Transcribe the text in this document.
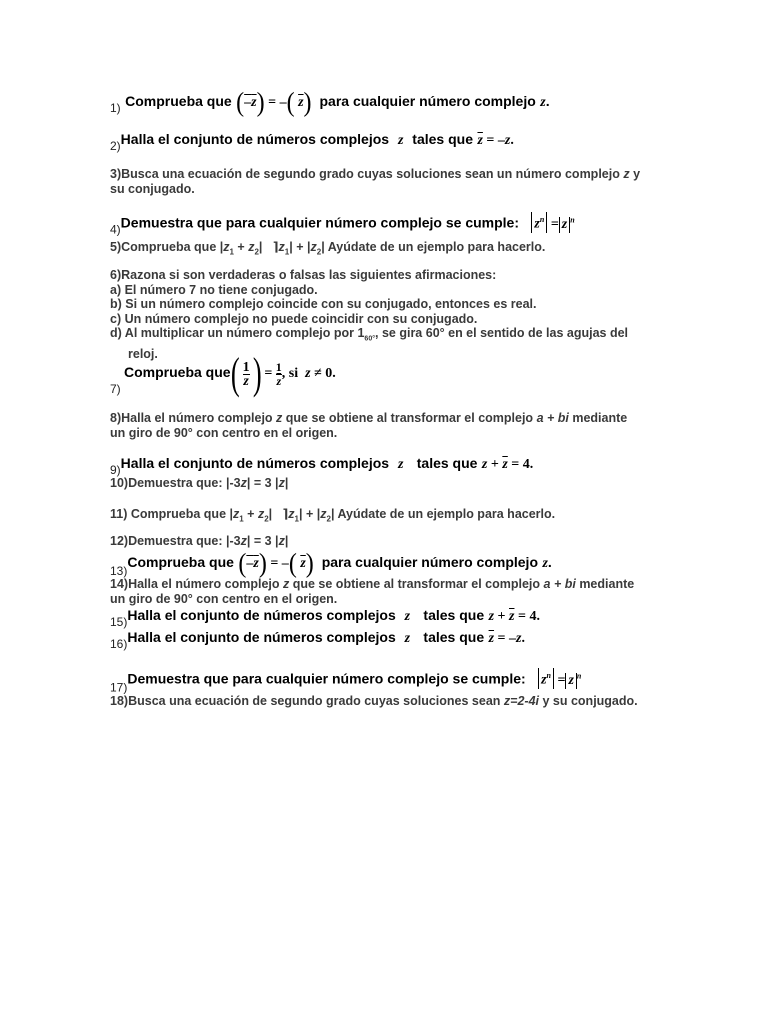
$_{1)}$ Comprueba que (–z) = –( $\overline{z}$) para cualquier número complejo z.
$_{2)}$Halla el conjunto de números complejos z tales que $\overline{z} = -z$.
3)Busca una ecuación de segundo grado cuyas soluciones sean un número complejo z y
su conjugado.
$_{4)}$Demuestra que para cualquier número complejo se cumple: $z^n = z$ $^n$
5)Comprueba que $|z_1 + z_2|$   $⌉z_1| + |z_2|$ Ayúdate de un ejemplo para hacerlo.
6)Razona si son verdaderas o falsas las siguientes afirmaciones:
a) El número 7 no tiene conjugado.
b) Si un número complejo coincide con su conjugado, entonces es real.
c) Un número complejo no puede coincidir con su conjugado.
d) Al multiplicar un número complejo por $1_{60^\circ}$, se gira 60° en el sentido de las agujas del
reloj.
7)
Comprueba que ( $\frac{1}{z}$ ) = $\frac{1}{z}$ , si z ≠ 0.
8)Halla el número complejo z que se obtiene al transformar el complejo a + bi mediante
un giro de 90° con centro en el origen.
$_{9)}$Halla el conjunto de números complejos z tales que $z + \overline{z} = 4$.
10)Demuestra que: |-3z| = 3 |z|
11) Comprueba que $|z_1 + z_2|$   $⌉z_1| + |z_2|$ Ayúdate de un ejemplo para hacerlo.
12)Demuestra que: |-3z| = 3 |z|
$_{13)}$Comprueba que (–z) = –( $\overline{z}$) para cualquier número complejo z.
14)Halla el número complejo z que se obtiene al transformar el complejo a + bi mediante
un giro de 90° con centro en el origen.
$_{15)}$Halla el conjunto de números complejos z tales que $z + \overline{z} = 4$.
$_{16)}$Halla el conjunto de números complejos z tales que $\overline{z} = -z$.
$_{17)}$Demuestra que para cualquier número complejo se cumple: $z^n = z$ $^n$
18)Busca una ecuación de segundo grado cuyas soluciones sean z=2-4i y su conjugado.
